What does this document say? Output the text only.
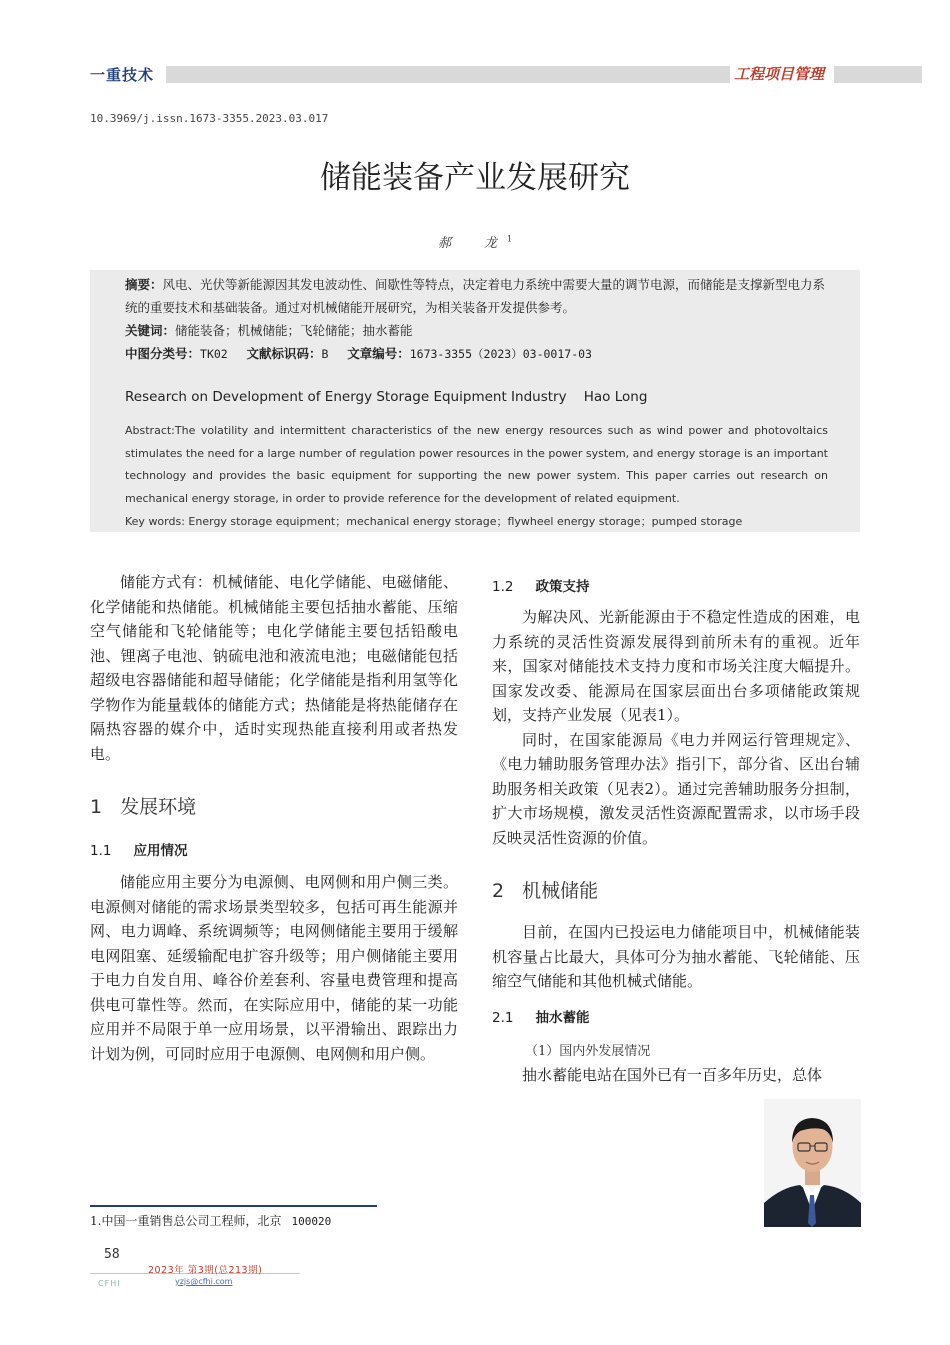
一重技术	工程项目管理
10.3969/j.issn.1673-3355.2023.03.017
储能装备产业发展研究
郝　龙$^1$
摘要：风电、光伏等新能源因其发电波动性、间歇性等特点，决定着电力系统中需要大量的调节电源，而储能是支撑新型电力系统的重要技术和基础装备。通过对机械储能开展研究，为相关装备开发提供参考。
关键词：储能装备；机械储能；飞轮储能；抽水蓄能
中图分类号：TK02　  文献标识码：B　  文章编号：1673-3355（2023）03-0017-03
Research on Development of Energy Storage Equipment Industry Hao Long
Abstract:The volatility and intermittent characteristics of the new energy resources such as wind power and photovoltaics stimulates the need for a large number of regulation power resources in the power system, and energy storage is an important technology and provides the basic equipment for supporting the new power system. This paper carries out research on mechanical energy storage, in order to provide reference for the development of related equipment.
Key words: Energy storage equipment；mechanical energy storage；flywheel energy storage；pumped storage

储能方式有：机械储能、电化学储能、电磁储能、化学储能和热储能。机械储能主要包括抽水蓄能、压缩空气储能和飞轮储能等；电化学储能主要包括铅酸电池、锂离子电池、钠硫电池和液流电池；电磁储能包括超级电容器储能和超导储能；化学储能是指利用氢等化学物作为能量载体的储能方式；热储能是将热能储存在隔热容器的媒介中，适时实现热能直接利用或者热发电。

1 发展环境
1.1 应用情况

储能应用主要分为电源侧、电网侧和用户侧三类。电源侧对储能的需求场景类型较多，包括可再生能源并网、电力调峰、系统调频等；电网侧储能主要用于缓解电网阻塞、延缓输配电扩容升级等；用户侧储能主要用于电力自发自用、峰谷价差套利、容量电费管理和提高供电可靠性等。然而，在实际应用中，储能的某一功能应用并不局限于单一应用场景，以平滑输出、跟踪出力计划为例，可同时应用于电源侧、电网侧和用户侧。

1.2 政策支持

为解决风、光新能源由于不稳定性造成的困难，电力系统的灵活性资源发展得到前所未有的重视。近年来，国家对储能技术支持力度和市场关注度大幅提升。国家发改委、能源局在国家层面出台多项储能政策规划，支持产业发展（见表1）。

同时，在国家能源局《电力并网运行管理规定》、《电力辅助服务管理办法》指引下，部分省、区出台辅助服务相关政策（见表2）。通过完善辅助服务分担制，扩大市场规模，激发灵活性资源配置需求，以市场手段反映灵活性资源的价值。

2 机械储能

目前，在国内已投运电力储能项目中，机械储能装机容量占比最大，具体可分为抽水蓄能、飞轮储能、压缩空气储能和其他机械式储能。

2.1 抽水蓄能
（1）国内外发展情况

抽水蓄能电站在国外已有一百多年历史，总体

1.中国一重销售总公司工程师，北京 100020
58
2023年 第3期(总213期)
CFHI	yzjs@cfhi.com
